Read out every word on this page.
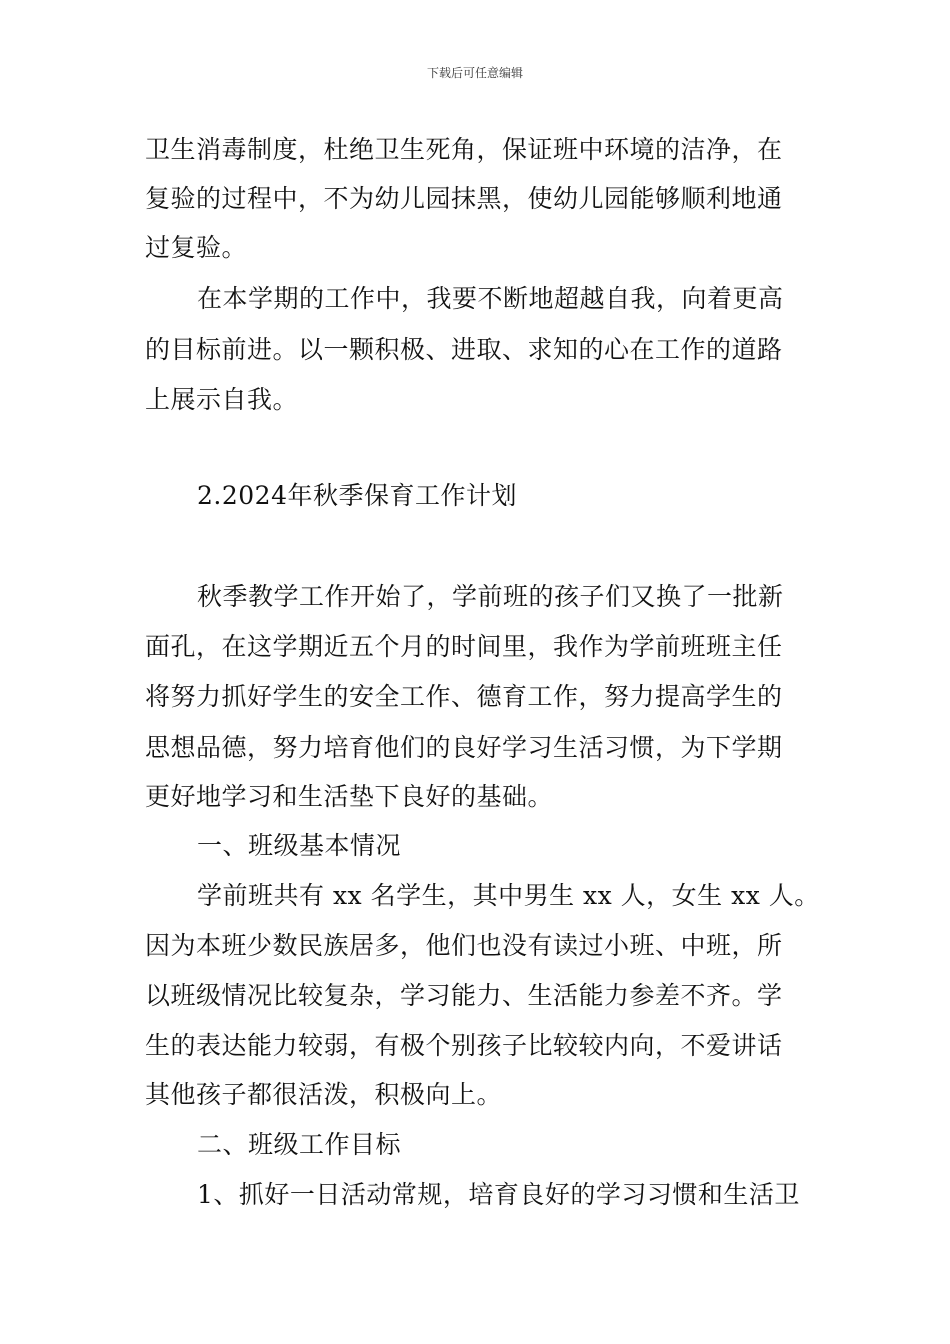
下载后可任意编辑
卫生消毒制度，杜绝卫生死角，保证班中环境的洁净，在
复验的过程中，不为幼儿园抹黑，使幼儿园能够顺利地通
过复验。
在本学期的工作中，我要不断地超越自我，向着更高
的目标前进。以一颗积极、进取、求知的心在工作的道路
上展示自我。
2.2024年秋季保育工作计划
秋季教学工作开始了，学前班的孩子们又换了一批新
面孔，在这学期近五个月的时间里，我作为学前班班主任
将努力抓好学生的安全工作、德育工作，努力提高学生的
思想品德，努力培育他们的良好学习生活习惯，为下学期
更好地学习和生活垫下良好的基础。
一、班级基本情况
学前班共有 xx 名学生，其中男生 xx 人，女生 xx 人。
因为本班少数民族居多，他们也没有读过小班、中班，所
以班级情况比较复杂，学习能力、生活能力参差不齐。学
生的表达能力较弱，有极个别孩子比较较内向，不爱讲话
其他孩子都很活泼，积极向上。
二、班级工作目标
1、抓好一日活动常规，培育良好的学习习惯和生活卫
